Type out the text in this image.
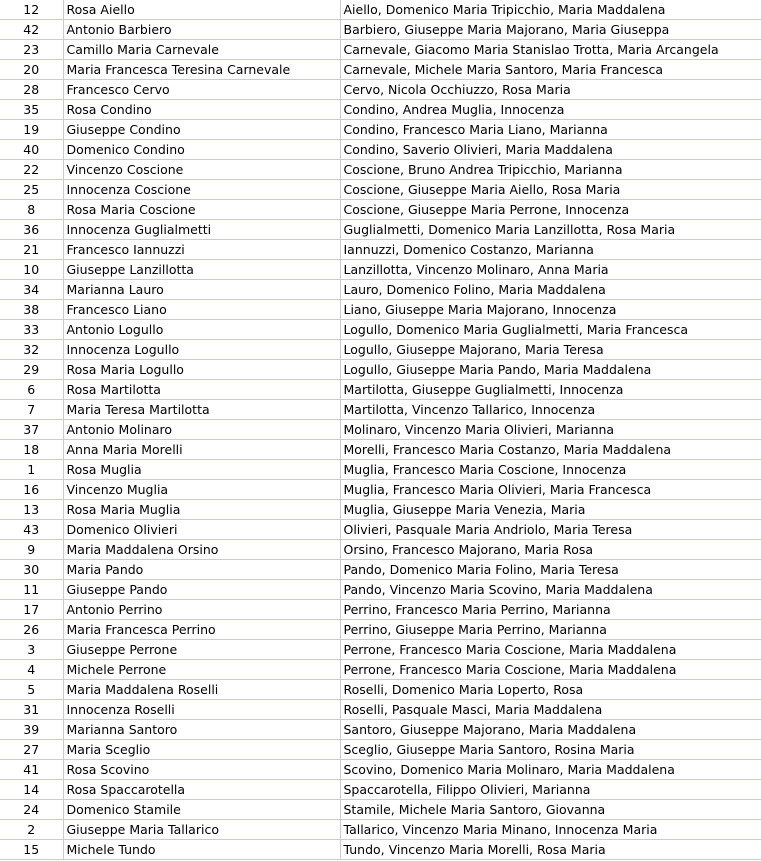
12	Rosa Aiello	Aiello, Domenico Maria Tripicchio, Maria Maddalena
42	Antonio Barbiero	Barbiero, Giuseppe Maria Majorano, Maria Giuseppa
23	Camillo Maria Carnevale	Carnevale, Giacomo Maria Stanislao Trotta, Maria Arcangela
20	Maria Francesca Teresina Carnevale	Carnevale, Michele Maria Santoro, Maria Francesca
28	Francesco Cervo	Cervo, Nicola Occhiuzzo, Rosa Maria
35	Rosa Condino	Condino, Andrea Muglia, Innocenza
19	Giuseppe Condino	Condino, Francesco Maria Liano, Marianna
40	Domenico Condino	Condino, Saverio Olivieri, Maria Maddalena
22	Vincenzo Coscione	Coscione, Bruno Andrea Tripicchio, Marianna
25	Innocenza Coscione	Coscione, Giuseppe Maria Aiello, Rosa Maria
8	Rosa Maria Coscione	Coscione, Giuseppe Maria Perrone, Innocenza
36	Innocenza Guglialmetti	Guglialmetti, Domenico Maria Lanzillotta, Rosa Maria
21	Francesco Iannuzzi	Iannuzzi, Domenico Costanzo, Marianna
10	Giuseppe Lanzillotta	Lanzillotta, Vincenzo Molinaro, Anna Maria
34	Marianna Lauro	Lauro, Domenico Folino, Maria Maddalena
38	Francesco Liano	Liano, Giuseppe Maria Majorano, Innocenza
33	Antonio Logullo	Logullo, Domenico Maria Guglialmetti, Maria Francesca
32	Innocenza Logullo	Logullo, Giuseppe Majorano, Maria Teresa
29	Rosa Maria Logullo	Logullo, Giuseppe Maria Pando, Maria Maddalena
6	Rosa Martilotta	Martilotta, Giuseppe Guglialmetti, Innocenza
7	Maria Teresa Martilotta	Martilotta, Vincenzo Tallarico, Innocenza
37	Antonio Molinaro	Molinaro, Vincenzo Maria Olivieri, Marianna
18	Anna Maria Morelli	Morelli, Francesco Maria Costanzo, Maria Maddalena
1	Rosa Muglia	Muglia, Francesco Maria Coscione, Innocenza
16	Vincenzo Muglia	Muglia, Francesco Maria Olivieri, Maria Francesca
13	Rosa Maria Muglia	Muglia, Giuseppe Maria Venezia, Maria
43	Domenico Olivieri	Olivieri, Pasquale Maria Andriolo, Maria Teresa
9	Maria Maddalena Orsino	Orsino, Francesco Majorano, Maria Rosa
30	Maria Pando	Pando, Domenico Maria Folino, Maria Teresa
11	Giuseppe Pando	Pando, Vincenzo Maria Scovino, Maria Maddalena
17	Antonio Perrino	Perrino, Francesco Maria Perrino, Marianna
26	Maria Francesca Perrino	Perrino, Giuseppe Maria Perrino, Marianna
3	Giuseppe Perrone	Perrone, Francesco Maria Coscione, Maria Maddalena
4	Michele Perrone	Perrone, Francesco Maria Coscione, Maria Maddalena
5	Maria Maddalena Roselli	Roselli, Domenico Maria Loperto, Rosa
31	Innocenza Roselli	Roselli, Pasquale Masci, Maria Maddalena
39	Marianna Santoro	Santoro, Giuseppe Majorano, Maria Maddalena
27	Maria Sceglio	Sceglio, Giuseppe Maria Santoro, Rosina Maria
41	Rosa Scovino	Scovino, Domenico Maria Molinaro, Maria Maddalena
14	Rosa Spaccarotella	Spaccarotella, Filippo Olivieri, Marianna
24	Domenico Stamile	Stamile, Michele Maria Santoro, Giovanna
2	Giuseppe Maria Tallarico	Tallarico, Vincenzo Maria Minano, Innocenza Maria
15	Michele Tundo	Tundo, Vincenzo Maria Morelli, Rosa Maria
